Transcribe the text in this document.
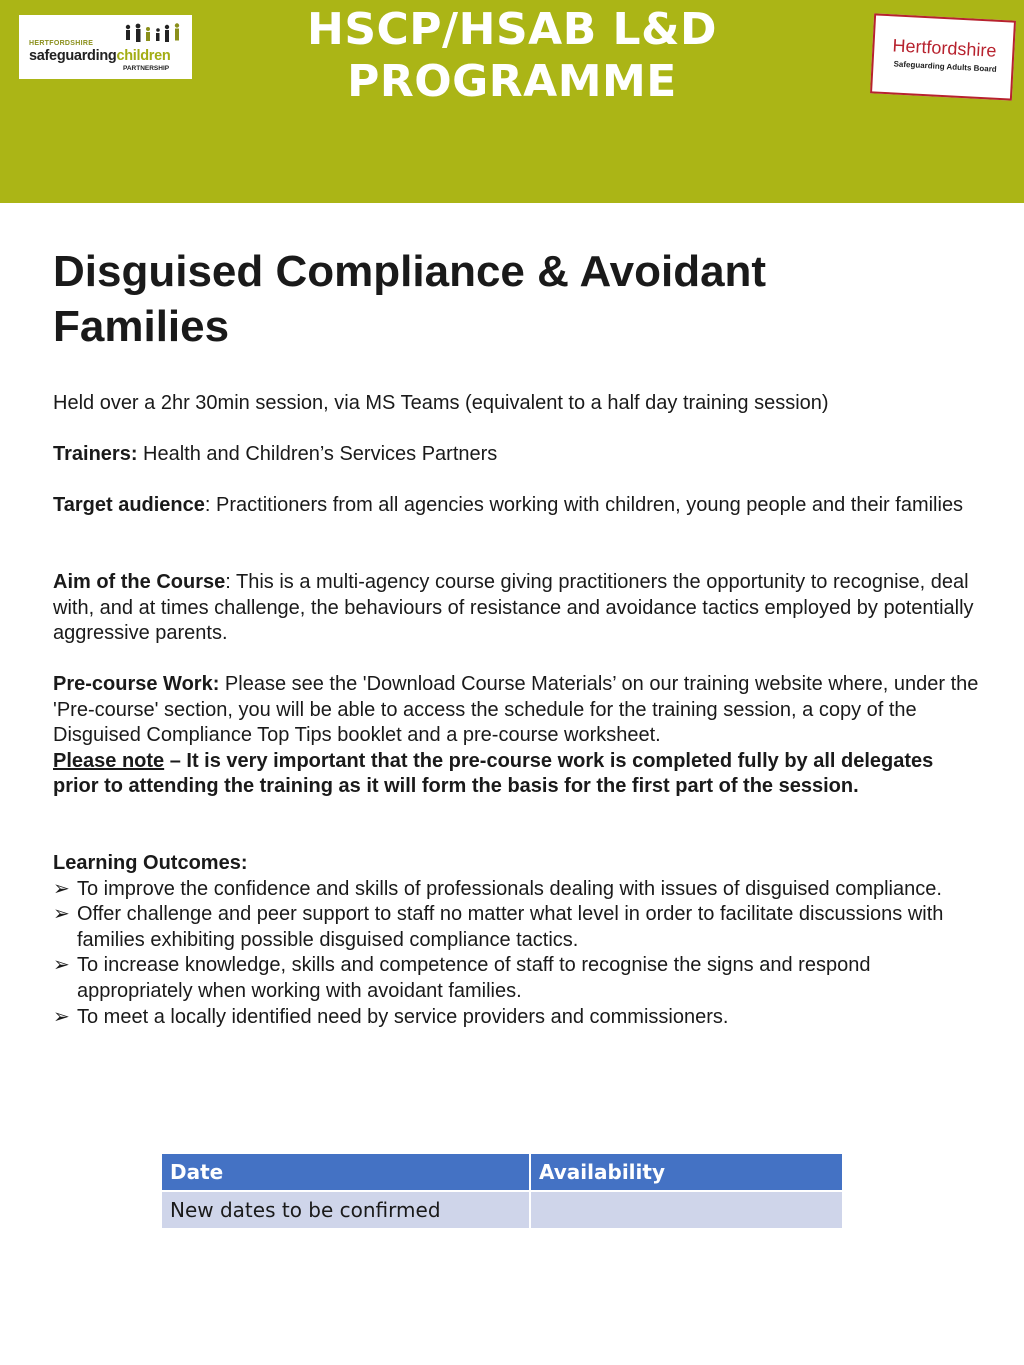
HERTFORDSHIRE
safeguardingchildren
PARTNERSHIP
HSCP/HSAB L&D
PROGRAMME
Hertfordshire
Safeguarding Adults Board
Disguised Compliance & Avoidant
Families

Held over a 2hr 30min session, via MS Teams (equivalent to a half day training session)

Trainers: Health and Children’s Services Partners

Target audience: Practitioners from all agencies working with children, young people and their families

Aim of the Course: This is a multi-agency course giving practitioners the opportunity to recognise, deal with, and at times challenge, the behaviours of resistance and avoidance tactics employed by potentially aggressive parents.

Pre-course Work: Please see the 'Download Course Materials’ on our training website where, under the 'Pre-course' section, you will be able to access the schedule for the training session, a copy of the Disguised Compliance Top Tips booklet and a pre-course worksheet.
Please note – It is very important that the pre-course work is completed fully by all delegates prior to attending the training as it will form the basis for the first part of the session.

Learning Outcomes:
➢ To improve the confidence and skills of professionals dealing with issues of disguised compliance.
➢ Offer challenge and peer support to staff no matter what level in order to facilitate discussions with families exhibiting possible disguised compliance tactics.
➢ To increase knowledge, skills and competence of staff to recognise the signs and respond appropriately when working with avoidant families.
➢ To meet a locally identified need by service providers and commissioners.
Date	Availability
New dates to be confirmed	
